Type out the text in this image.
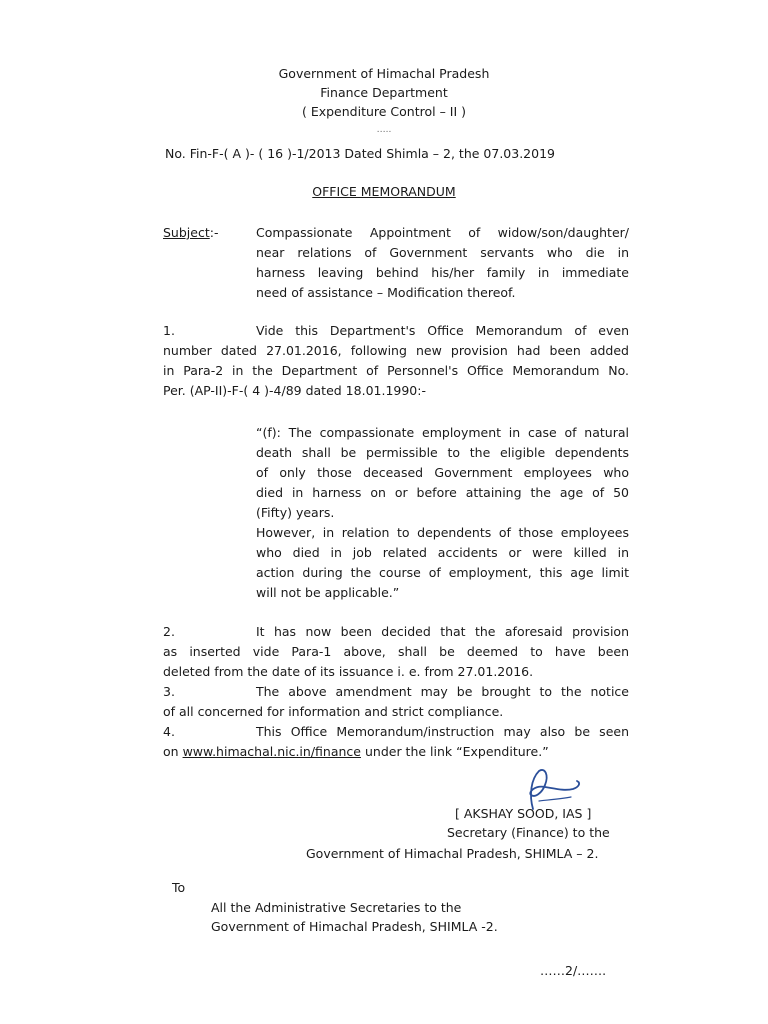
Government of Himachal Pradesh
Finance Department
( Expenditure Control – II )
…..
No. Fin-F-( A )- ( 16 )-1/2013 Dated Shimla – 2, the 07.03.2019
OFFICE MEMORANDUM
Subject:-	Compassionate Appointment of widow/son/daughter/
near relations of Government servants who die in
harness leaving behind his/her family in immediate
need of assistance – Modification thereof.
1.	Vide this Department's Office Memorandum of even
number dated 27.01.2016, following new provision had been added
in Para-2 in the Department of Personnel's Office Memorandum No.
Per. (AP-II)-F-( 4 )-4/89 dated 18.01.1990:-
“(f): The compassionate employment in case of natural
death shall be permissible to the eligible dependents
of only those deceased Government employees who
died in harness on or before attaining the age of 50
(Fifty) years.
However, in relation to dependents of those employees
who died in job related accidents or were killed in
action during the course of employment, this age limit
will not be applicable.”
2.	It has now been decided that the aforesaid provision
as inserted vide Para-1 above, shall be deemed to have been
deleted from the date of its issuance i. e. from 27.01.2016.
3.	The above amendment may be brought to the notice
of all concerned for information and strict compliance.
4.	This Office Memorandum/instruction may also be seen
on www.himachal.nic.in/finance under the link “Expenditure.”
[ AKSHAY SOOD, IAS ]
Secretary (Finance) to the
Government of Himachal Pradesh, SHIMLA – 2.
To
All the Administrative Secretaries to the
Government of Himachal Pradesh, SHIMLA -2.
……2/…….
